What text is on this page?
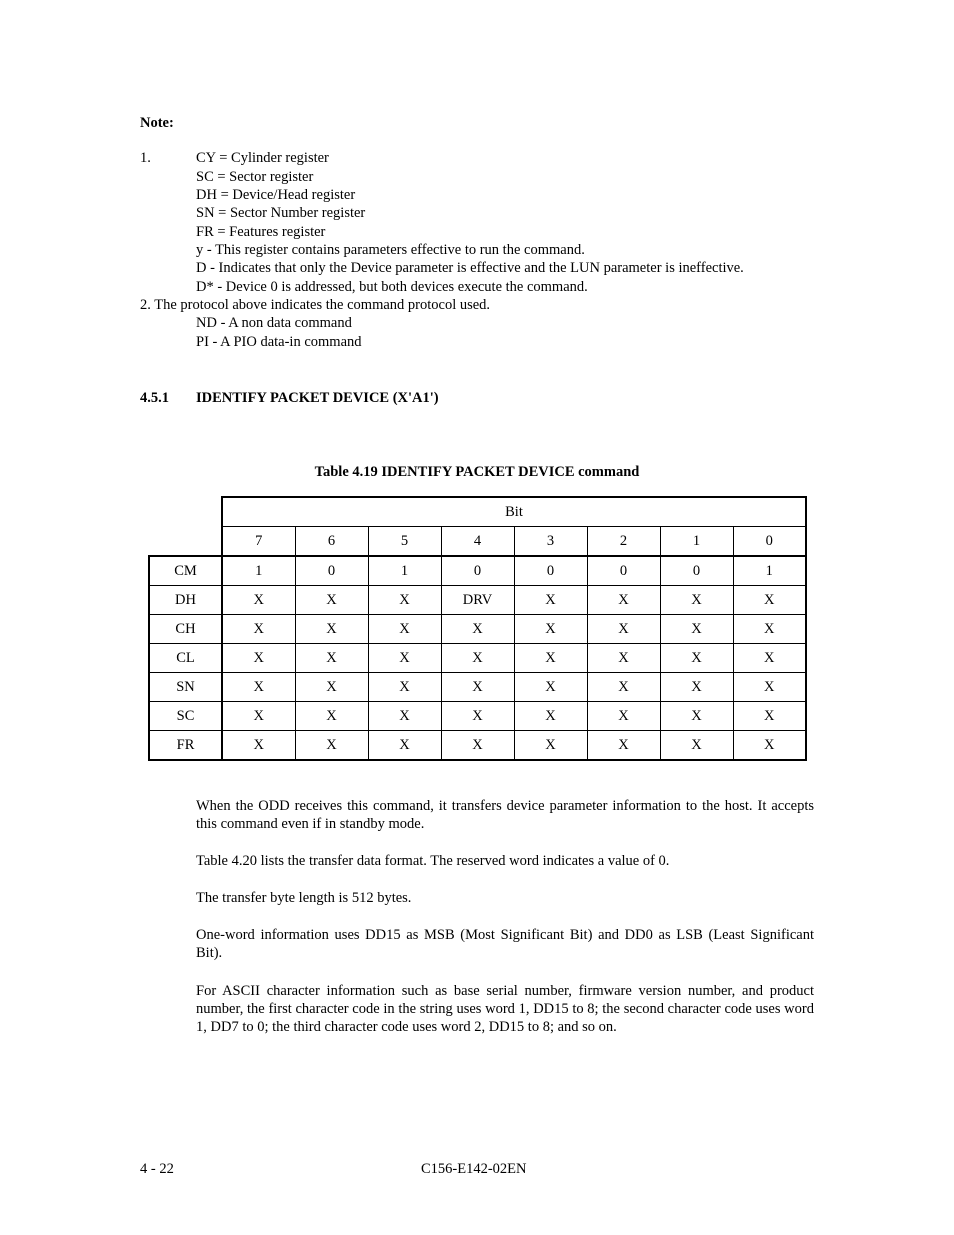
Note:
1.	CY = Cylinder register
SC = Sector register
DH = Device/Head register
SN = Sector Number register
FR = Features register
y - This register contains parameters effective to run the command.
D - Indicates that only the Device parameter is effective and the LUN parameter is ineffective.
D* - Device 0 is addressed, but both devices execute the command.
2. The protocol above indicates the command protocol used.
ND - A non data command
PI - A PIO data-in command
4.5.1 IDENTIFY PACKET DEVICE (X'A1')
Table 4.19 IDENTIFY PACKET DEVICE command
	Bit							
	7	6	5	4	3	2	1	0
CM	1	0	1	0	0	0	0	1
DH	X	X	X	DRV	X	X	X	X
CH	X	X	X	X	X	X	X	X
CL	X	X	X	X	X	X	X	X
SN	X	X	X	X	X	X	X	X
SC	X	X	X	X	X	X	X	X
FR	X	X	X	X	X	X	X	X
When the ODD receives this command, it transfers device parameter information to the host. It accepts this command even if in standby mode.
Table 4.20 lists the transfer data format. The reserved word indicates a value of 0.
The transfer byte length is 512 bytes.
One-word information uses DD15 as MSB (Most Significant Bit) and DD0 as LSB (Least Significant Bit).
For ASCII character information such as base serial number, firmware version number, and product number, the first character code in the string uses word 1, DD15 to 8; the second character code uses word 1, DD7 to 0; the third character code uses word 2, DD15 to 8; and so on.
4 - 22	C156-E142-02EN
